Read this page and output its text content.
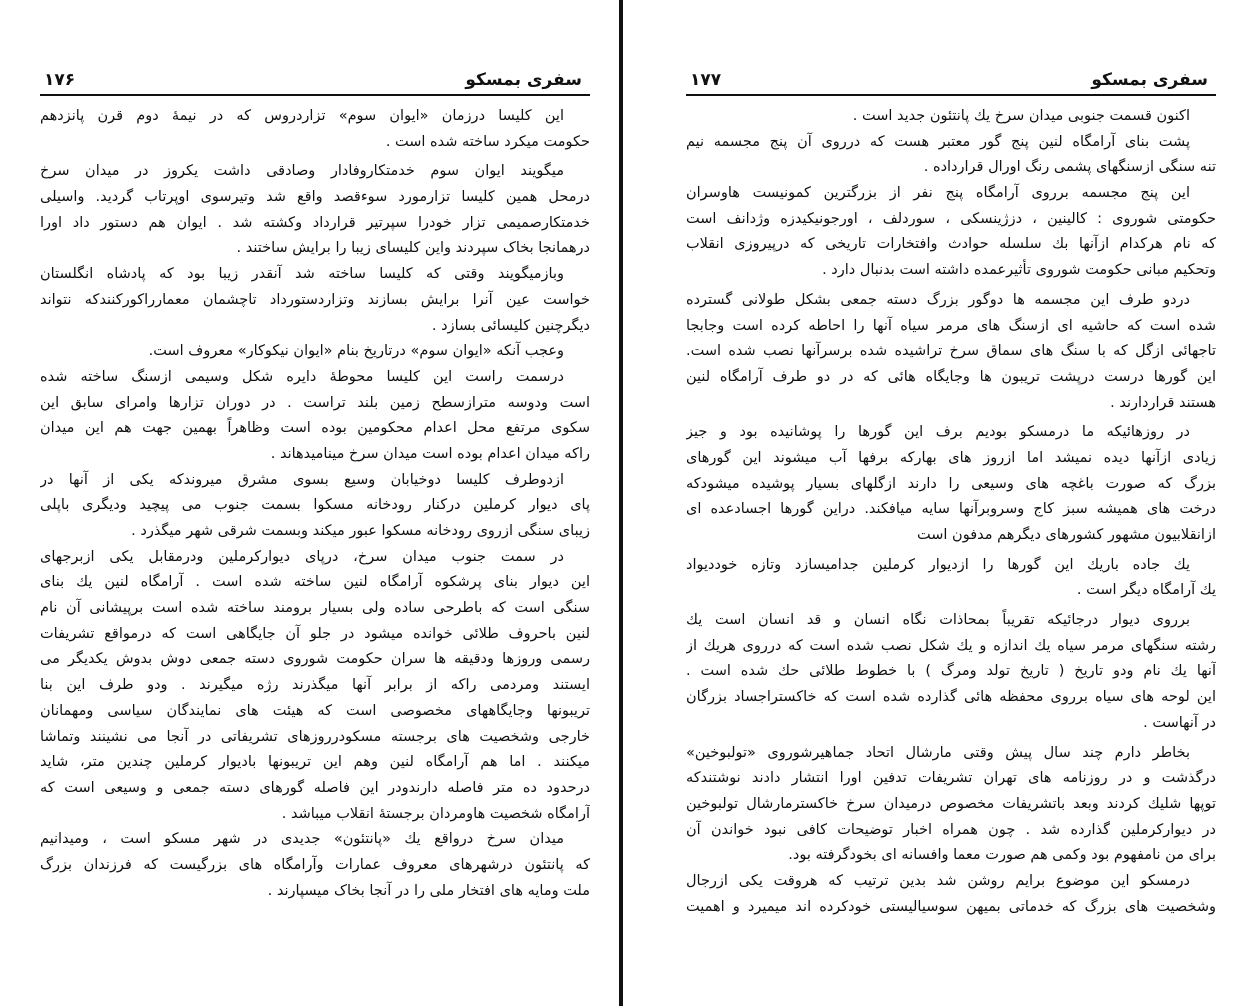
سفری بمسکو
۱۷۶
این کلیسا درزمان «ایوان سوم» تزاردروس که در نیمهٔ دوم قرن پانزدهم
حکومت میکرد ساخته شده است .
میگویند ایوان سوم خدمتکاروفادار وصادقی داشت یکروز در میدان سرخ
درمحل همین کلیسا تزارمورد سوءقصد واقع شد وتیرسوی اوپرتاب گردید. واسیلی
خدمتکارصمیمی تزار خودرا سپرتیر قرارداد وکشته شد . ایوان هم دستور داد اورا
درهمانجا بخاک سپردند واین کلیسای زیبا را برایش ساختند .
وبازمیگویند وقتی که کلیسا ساخته شد آنقدر زیبا بود که پادشاه انگلستان
خواست عین آنرا برایش بسازند وتزاردستورداد تاچشمان معمارراکورکنندکه نتواند
دیگرچنین کلیسائی بسازد .
وعجب آنکه «ایوان سوم» درتاریخ بنام «ایوان نیکوکار» معروف است.
درسمت راست این کلیسا محوطهٔ دایره شکل وسیمی ازسنگ ساخته شده
است ودوسه مترازسطح زمین بلند تراست . در دوران تزارها وامرای سابق این
سکوی مرتفع محل اعدام محکومین بوده است وظاهراً بهمین جهت هم این میدان
راکه میدان اعدام بوده است میدان سرخ مینامیدهاند .
ازدوطرف کلیسا دوخیابان وسیع بسوی مشرق میروندکه یکی از آنها در
پای دیوار کرملین درکنار رودخانه مسکوا بسمت جنوب می پیچید ودیگری باپلی
زیبای سنگی ازروی رودخانه مسکوا عبور میکند وبسمت شرقی شهر میگذرد .
در سمت جنوب میدان سرخ، درپای دیوارکرملین ودرمقابل یکی ازبرجهای
این دیوار بنای پرشکوه آرامگاه لنین ساخته شده است . آرامگاه لنین یك بنای
سنگی است که باطرحی ساده ولی بسیار برومند ساخته شده است برپیشانی آن نام
لنین باحروف طلائی خوانده میشود در جلو آن جایگاهی است که درمواقع تشریفات
رسمی وروزها ودقیقه ها سران حکومت شوروی دسته جمعی دوش بدوش یکدیگر می
ایستند ومردمی راکه از برابر آنها میگذرند رژه میگیرند . ودو طرف این بنا
تریبونها وجایگاههای مخصوصی است که هیئت های نمایندگان سیاسی ومهمانان
خارجی وشخصیت های برجسته مسکودرروزهای تشریفاتی در آنجا می نشینند وتماشا
میکنند . اما هم آرامگاه لنین وهم این تریبونها باديوار کرملين چندين متر، شايد
درحدود ده متر فاصله دارندودر این فاصله گورهای دسته جمعی و وسیعی است که
آرامگاه شخصیت هاومردان برجستهٔ انقلاب میباشد .
میدان سرخ درواقع یك «پانتئون» جدیدی در شهر مسکو است ، ومیدانیم
که پانتئون درشهرهای معروف عمارات وآرامگاه های بزرگیست که فرزندان بزرگ
ملت ومایه های افتخار ملی را در آنجا بخاک میسپارند .
سفری بمسکو
۱۷۷
اکنون قسمت جنوبی میدان سرخ یك پانتئون جدید است .
پشت بنای آرامگاه لنین پنج گور معتبر هست که درروی آن پنج مجسمه نیم
تنه سنگی ازسنگهای پشمی رنگ اورال قرارداده .
این پنج مجسمه برروی آرامگاه پنج نفر از بزرگترین کمونیست هاوسران
حکومتی شوروی : کالینین ، دزژینسکی ، سوردلف ، اورجونیکیدزه وژدانف است
که نام هرکدام ازآنها بك سلسله حوادث وافتخارات تاریخی که درپیروزی انقلاب
وتحکیم مبانی حکومت شوروی تأثیرعمده داشته است بدنبال دارد .
دردو طرف این مجسمه ها دوگور بزرگ دسته جمعی بشکل طولانی گسترده
شده است که حاشیه ای ازسنگ های مرمر سیاه آنها را احاطه کرده است وجابجا
تاجهائی ازگل که با سنگ های سماق سرخ تراشیده شده برسرآنها نصب شده است.
این گورها درست درپشت تریبون ها وجایگاه هائی که در دو طرف آرامگاه لنین
هستند قراردارند .
در روزهائیکه ما درمسکو بودیم برف این گورها را پوشانیده بود و جیز
زیادی ازآنها دیده نمیشد اما ازروز های بهارکه برفها آب میشوند این گورهای
بزرگ که صورت باغچه های وسیعی را دارند ازگلهای بسیار پوشیده میشودکه
درخت های همیشه سبز کاج وسروبرآنها سایه میافکند. دراین گورها اجسادعده ای
ازانقلابیون مشهور کشورهای دیگرهم مدفون است
یك جاده باریك این گورها را ازدیوار کرملین جدامیسازد وتازه خوددیواد
یك آرامگاه دیگر است .
برروی دیوار درجائیکه تقریباً بمحاذات نگاه انسان و قد انسان است یك
رشته سنگهای مرمر سیاه یك اندازه و یك شکل نصب شده است که درروی هریك از
آنها یك نام ودو تاریخ ( تاریخ تولد ومرگ ) با خطوط طلائی حك شده است .
این لوحه های سیاه برروی محفظه هائی گذارده شده است که خاکستراجساد بزرگان
در آنهاست .
بخاطر دارم چند سال پیش وقتی مارشال اتحاد جماهیرشوروی «تولبوخین»
درگذشت و در روزنامه های تهران تشریفات تدفین اورا انتشار دادند نوشتندکه
توپها شلیك کردند وبعد باتشریفات مخصوص درمیدان سرخ خاکسترمارشال تولبوخین
در دیوارکرملین گذارده شد . چون همراه اخبار توضیحات کافی نبود خواندن آن
برای من نامفهوم بود وکمی هم صورت معما وافسانه ای بخودگرفته بود.
درمسکو این موضوع برایم روشن شد بدین ترتیب که هروقت یکی ازرجال
وشخصیت های بزرگ که خدماتی بمیهن سوسیالیستی خودکرده اند میمیرد و اهمیت
